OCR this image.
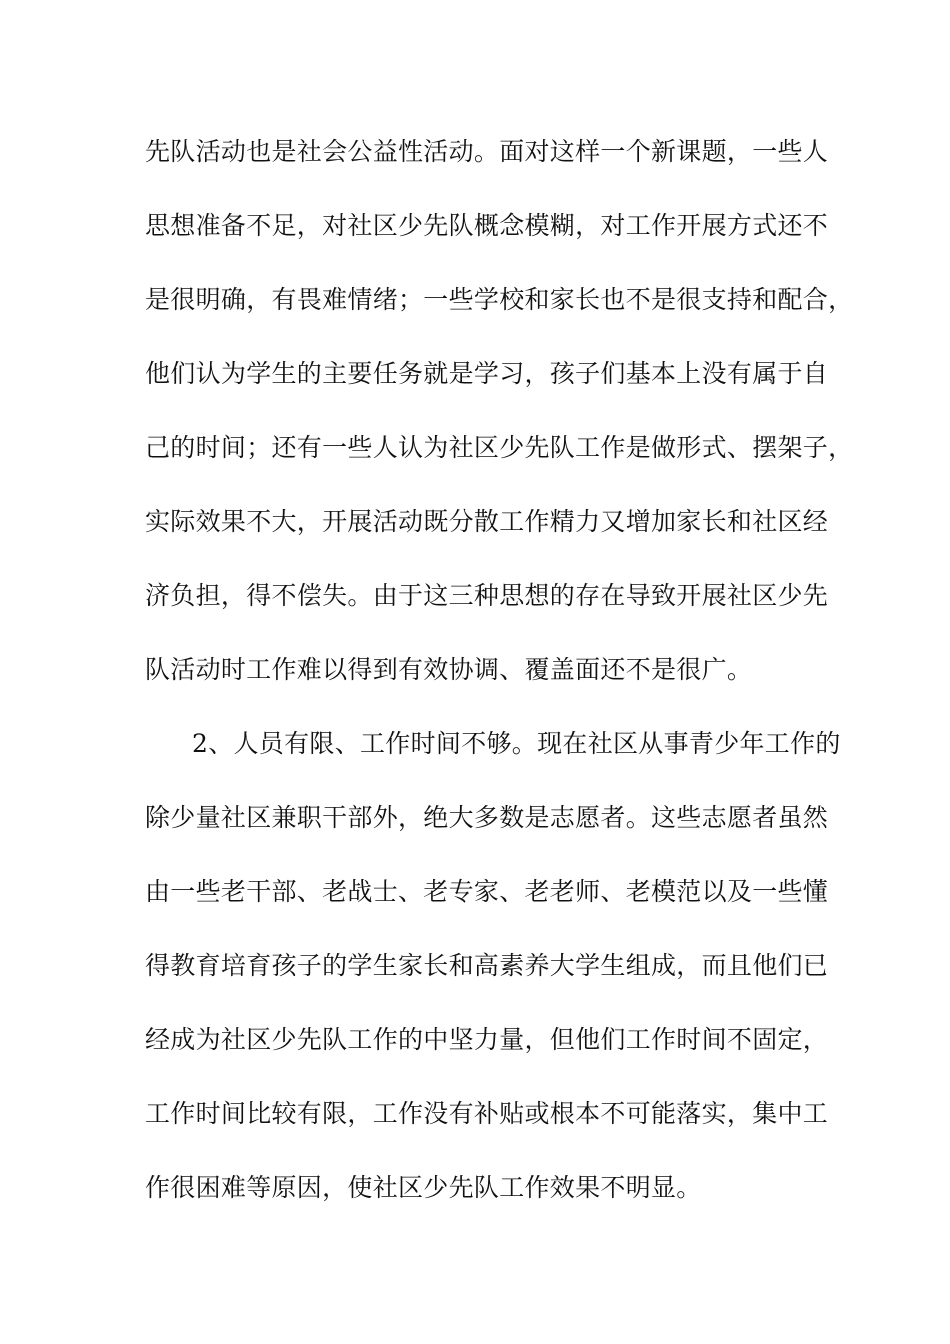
先队活动也是社会公益性活动。面对这样一个新课题，一些人
思想准备不足，对社区少先队概念模糊，对工作开展方式还不
是很明确，有畏难情绪；一些学校和家长也不是很支持和配合，
他们认为学生的主要任务就是学习，孩子们基本上没有属于自
己的时间；还有一些人认为社区少先队工作是做形式、摆架子，
实际效果不大，开展活动既分散工作精力又增加家长和社区经
济负担，得不偿失。由于这三种思想的存在导致开展社区少先
队活动时工作难以得到有效协调、覆盖面还不是很广。
2、人员有限、工作时间不够。现在社区从事青少年工作的
除少量社区兼职干部外，绝大多数是志愿者。这些志愿者虽然
由一些老干部、老战士、老专家、老老师、老模范以及一些懂
得教育培育孩子的学生家长和高素养大学生组成，而且他们已
经成为社区少先队工作的中坚力量，但他们工作时间不固定，
工作时间比较有限，工作没有补贴或根本不可能落实，集中工
作很困难等原因，使社区少先队工作效果不明显。
